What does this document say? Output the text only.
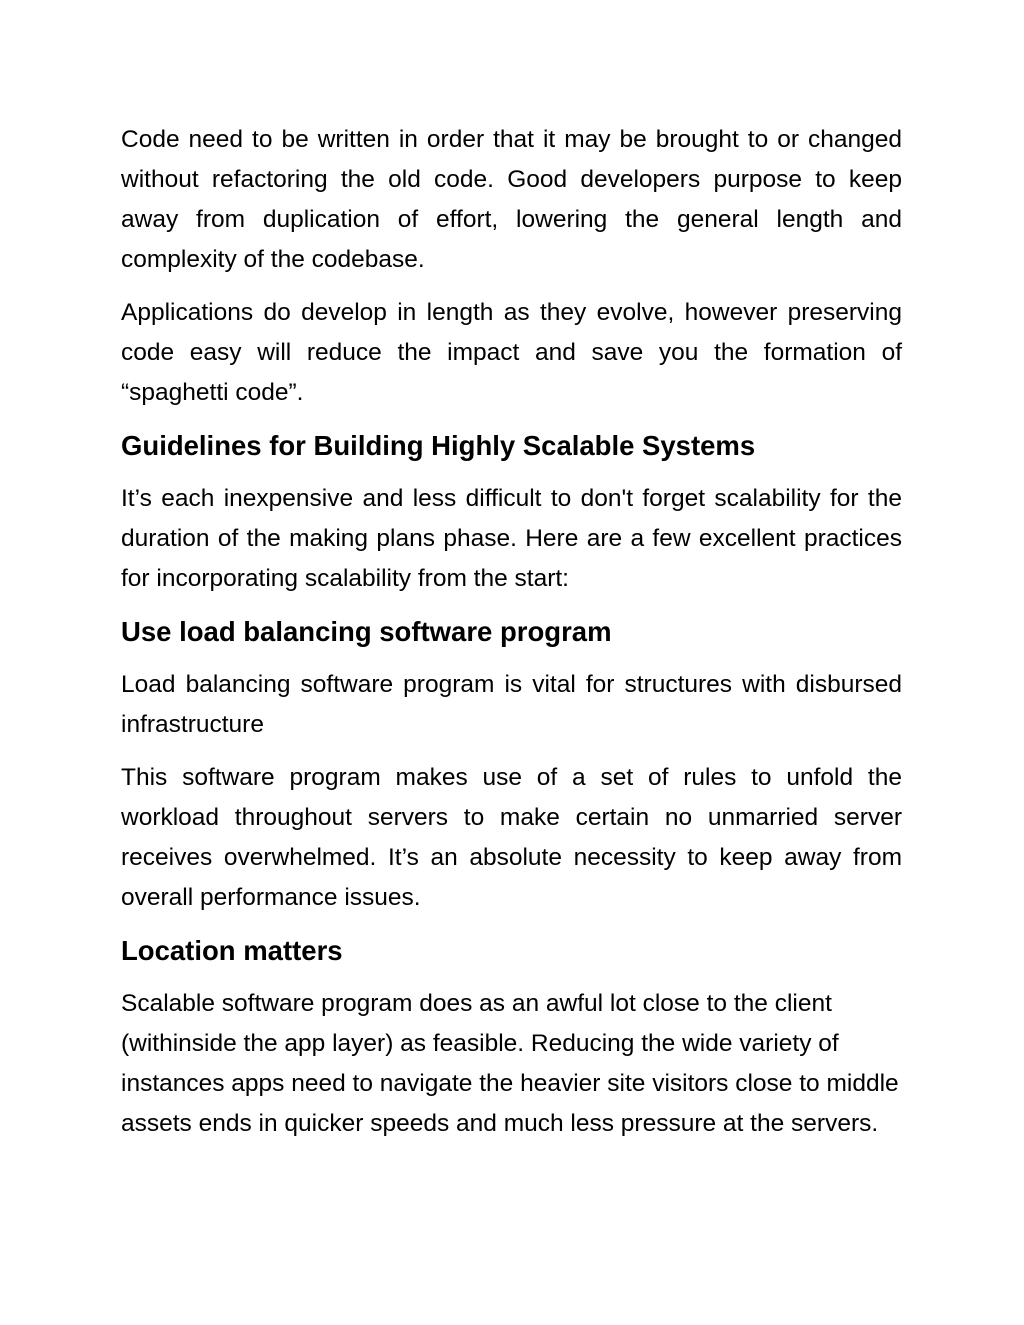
Code need to be written in order that it may be brought to or changed without refactoring the old code. Good developers purpose to keep away from duplication of effort, lowering the general length and complexity of the codebase.

Applications do develop in length as they evolve, however preserving code easy will reduce the impact and save you the formation of “spaghetti code”.

Guidelines for Building Highly Scalable Systems

It’s each inexpensive and less difficult to don't forget scalability for the duration of the making plans phase. Here are a few excellent practices for incorporating scalability from the start:

Use load balancing software program

Load balancing software program is vital for structures with disbursed infrastructure

This software program makes use of a set of rules to unfold the workload throughout servers to make certain no unmarried server receives overwhelmed. It’s an absolute necessity to keep away from overall performance issues.

Location matters

Scalable software program does as an awful lot close to the client (withinside the app layer) as feasible. Reducing the wide variety of instances apps need to navigate the heavier site visitors close to middle assets ends in quicker speeds and much less pressure at the servers.
